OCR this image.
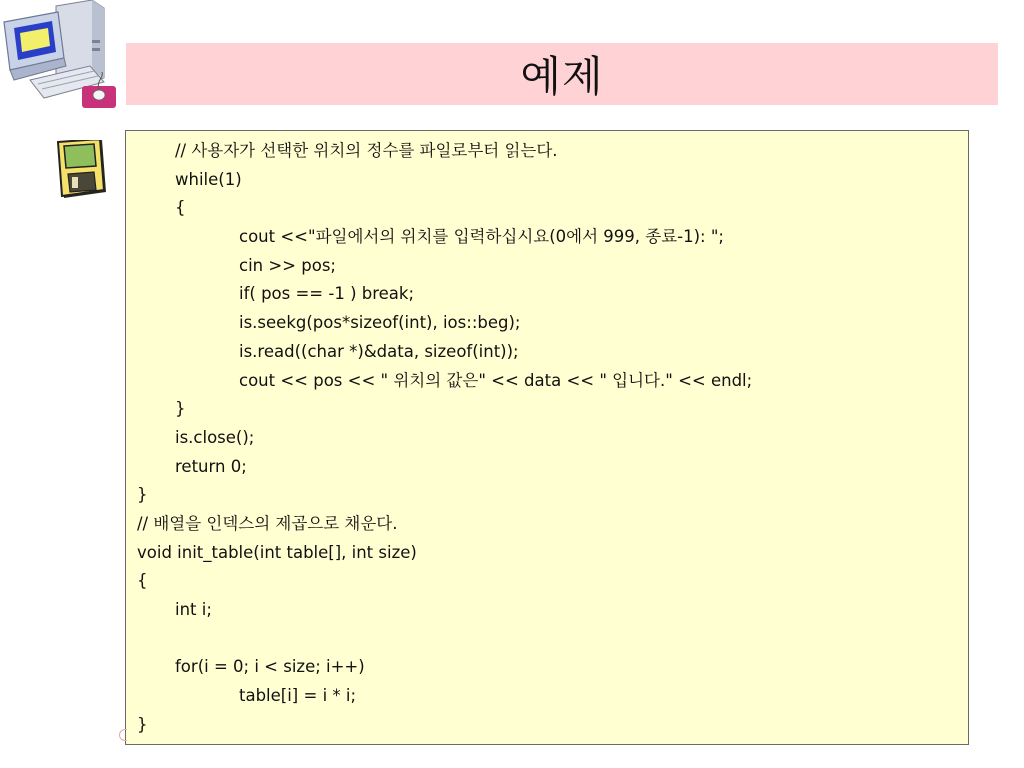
예제
// 사용자가 선택한 위치의 정수를 파일로부터 읽는다.
while(1)
{
cout <<"파일에서의 위치를 입력하십시요(0에서 999, 종료-1): ";
cin >> pos;
if( pos == -1 ) break;
is.seekg(pos*sizeof(int), ios::beg);
is.read((char *)&data, sizeof(int));
cout << pos << " 위치의 값은" << data << " 입니다." << endl;
}
is.close();
return 0;
}
// 배열을 인덱스의 제곱으로 채운다.
void init_table(int table[], int size)
{
int i;
for(i = 0; i < size; i++)
table[i] = i * i;
}
